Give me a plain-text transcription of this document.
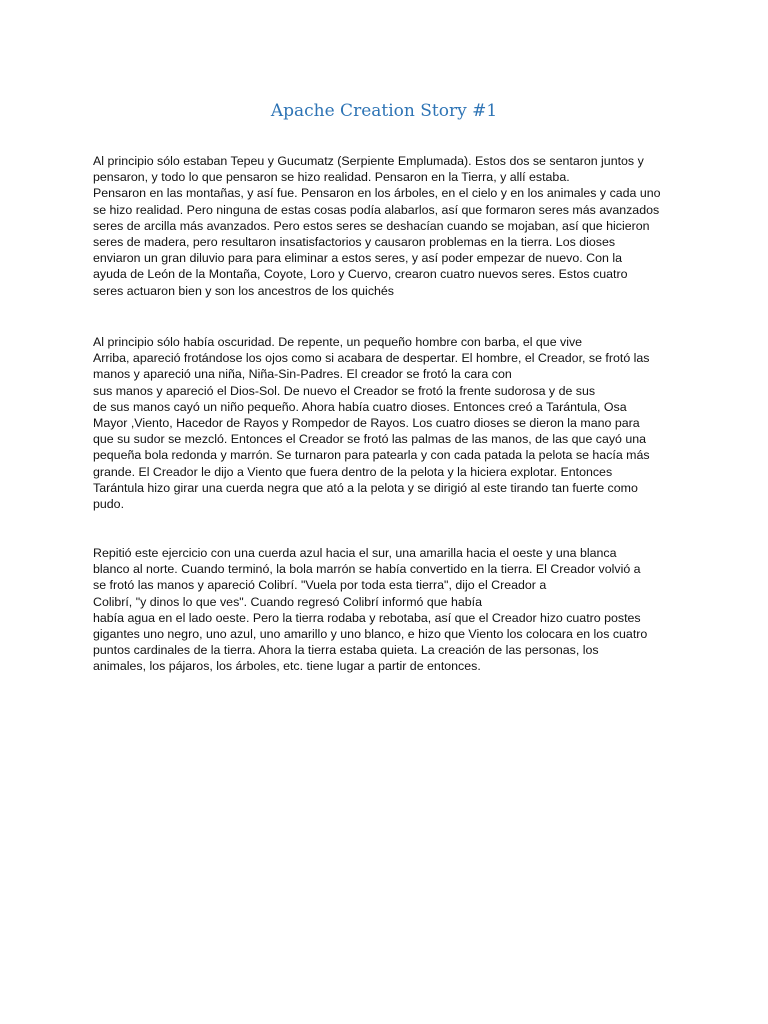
Apache Creation Story #1
Al principio sólo estaban Tepeu y Gucumatz (Serpiente Emplumada). Estos dos se sentaron juntos y
pensaron, y todo lo que pensaron se hizo realidad. Pensaron en la Tierra, y allí estaba.
Pensaron en las montañas, y así fue. Pensaron en los árboles, en el cielo y en los animales y cada uno
se hizo realidad. Pero ninguna de estas cosas podía alabarlos, así que formaron seres más avanzados
seres de arcilla más avanzados. Pero estos seres se deshacían cuando se mojaban, así que hicieron
seres de madera, pero resultaron insatisfactorios y causaron problemas en la tierra. Los dioses
enviaron un gran diluvio para para eliminar a estos seres, y así poder empezar de nuevo. Con la
ayuda de León de la Montaña, Coyote, Loro y Cuervo, crearon cuatro nuevos seres. Estos cuatro
seres actuaron bien y son los ancestros de los quichés
Al principio sólo había oscuridad. De repente, un pequeño hombre con barba, el que vive
Arriba, apareció frotándose los ojos como si acabara de despertar. El hombre, el Creador, se frotó las
manos y apareció una niña, Niña-Sin-Padres. El creador se frotó la cara con
sus manos y apareció el Dios-Sol. De nuevo el Creador se frotó la frente sudorosa y de sus
de sus manos cayó un niño pequeño. Ahora había cuatro dioses. Entonces creó a Tarántula, Osa
Mayor ,Viento, Hacedor de Rayos y Rompedor de Rayos. Los cuatro dioses se dieron la mano para
que su sudor se mezcló. Entonces el Creador se frotó las palmas de las manos, de las que cayó una
pequeña bola redonda y marrón. Se turnaron para patearla y con cada patada la pelota se hacía más
grande. El Creador le dijo a Viento que fuera dentro de la pelota y la hiciera explotar. Entonces
Tarántula hizo girar una cuerda negra que ató a la pelota y se dirigió al este tirando tan fuerte como
pudo.
Repitió este ejercicio con una cuerda azul hacia el sur, una amarilla hacia el oeste y una blanca
blanco al norte. Cuando terminó, la bola marrón se había convertido en la tierra. El Creador volvió a
se frotó las manos y apareció Colibrí. "Vuela por toda esta tierra", dijo el Creador a
Colibrí, "y dinos lo que ves". Cuando regresó Colibrí informó que había
había agua en el lado oeste. Pero la tierra rodaba y rebotaba, así que el Creador hizo cuatro postes
gigantes uno negro, uno azul, uno amarillo y uno blanco, e hizo que Viento los colocara en los cuatro
puntos cardinales de la tierra. Ahora la tierra estaba quieta. La creación de las personas, los
animales, los pájaros, los árboles, etc. tiene lugar a partir de entonces.
